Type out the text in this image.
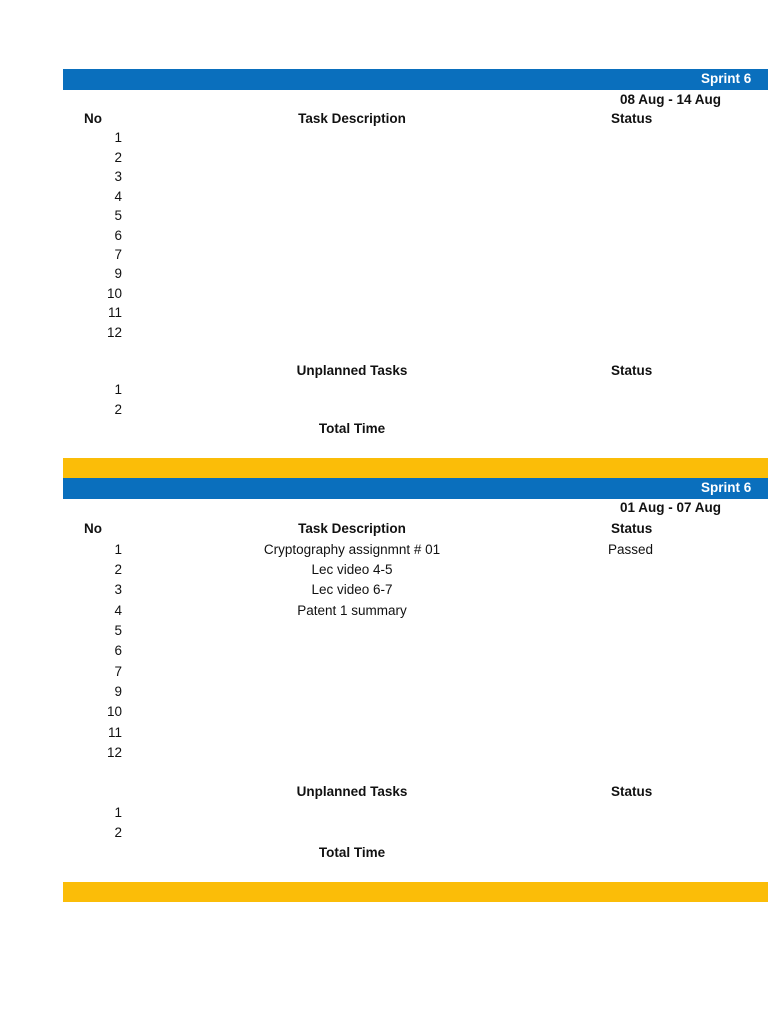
Sprint 6
08 Aug - 14 Aug
No	Task Description	Status
1
2
3
4
5
6
7
9
10
11
12
Unplanned Tasks	Status
1
2
Total Time
Sprint 6
01 Aug - 07 Aug
No	Task Description	Status
1	Cryptography assignmnt # 01	Passed
2	Lec video 4-5
3	Lec video 6-7
4	Patent 1 summary
5
6
7
9
10
11
12
Unplanned Tasks	Status
1
2
Total Time
